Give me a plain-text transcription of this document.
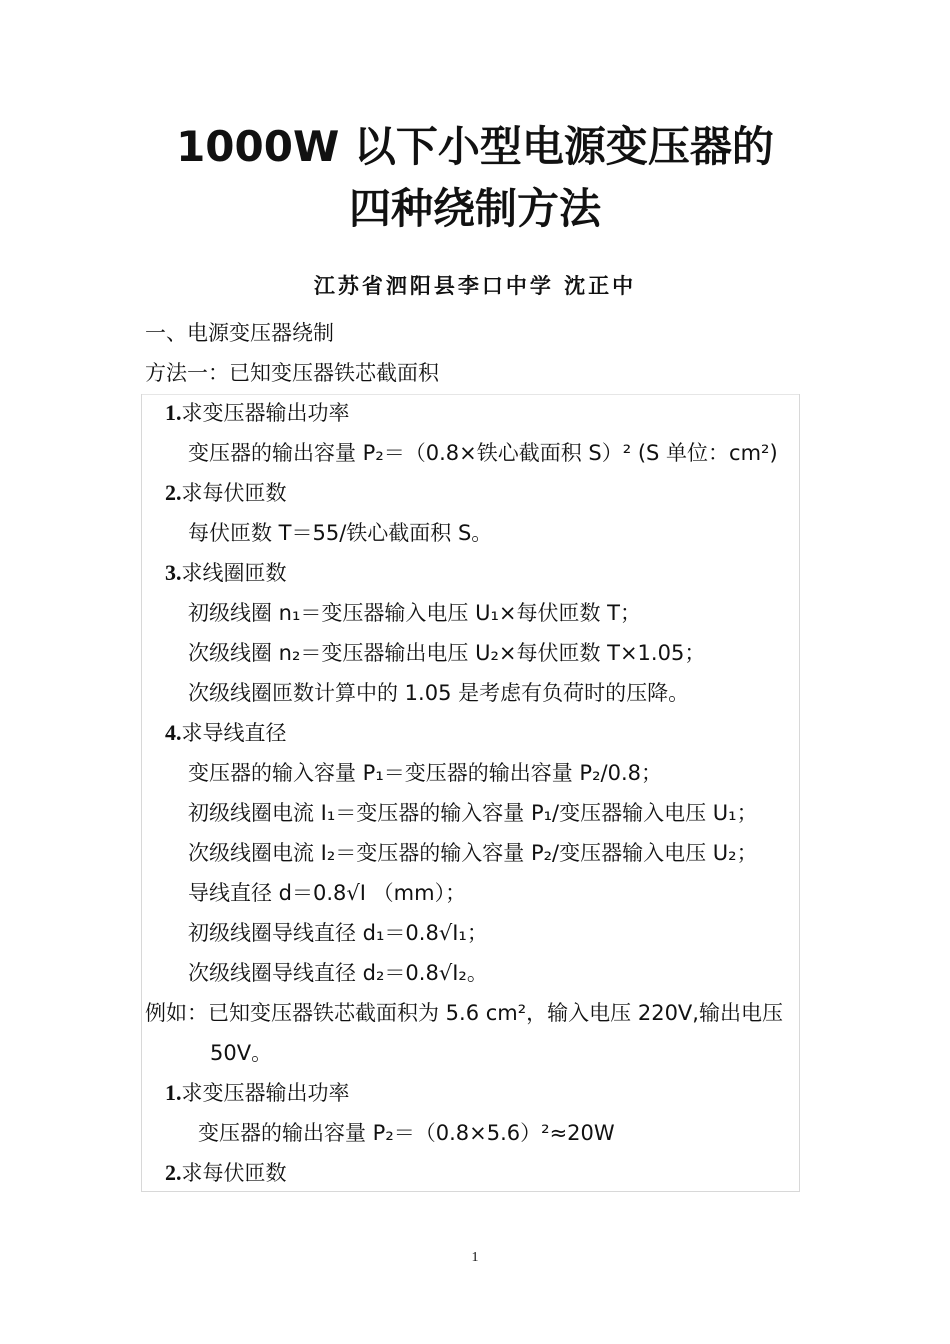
1000W 以下小型电源变压器的
四种绕制方法
江苏省泗阳县李口中学 沈正中
一、电源变压器绕制
方法一：已知变压器铁芯截面积
1.求变压器输出功率
变压器的输出容量 P₂＝（0.8×铁心截面积 S）² (S 单位：cm²)
2.求每伏匝数
每伏匝数 T＝55/铁心截面积 S。
3.求线圈匝数
初级线圈 n₁＝变压器输入电压 U₁×每伏匝数 T；
次级线圈 n₂＝变压器输出电压 U₂×每伏匝数 T×1.05；
次级线圈匝数计算中的 1.05 是考虑有负荷时的压降。
4.求导线直径
变压器的输入容量 P₁＝变压器的输出容量 P₂/0.8；
初级线圈电流 I₁＝变压器的输入容量 P₁/变压器输入电压 U₁；
次级线圈电流 I₂＝变压器的输入容量 P₂/变压器输入电压 U₂；
导线直径 d＝0.8√I （mm）；
初级线圈导线直径 d₁＝0.8√I₁；
次级线圈导线直径 d₂＝0.8√I₂。
例如：已知变压器铁芯截面积为 5.6 cm²，输入电压 220V,输出电压
50V。
1.求变压器输出功率
变压器的输出容量 P₂＝（0.8×5.6）²≈20W
2.求每伏匝数
1
